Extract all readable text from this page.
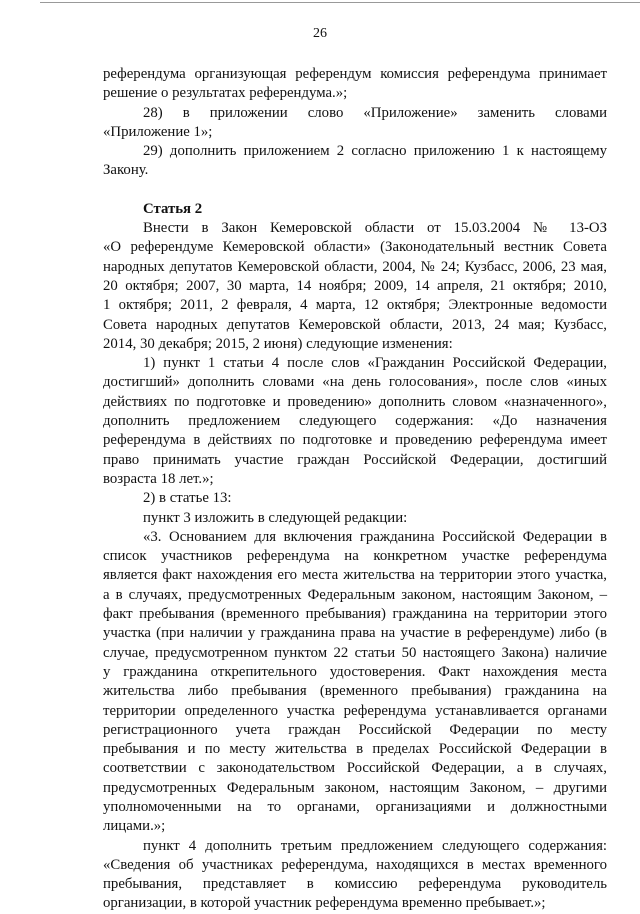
26
референдума организующая референдум комиссия референдума принимает
решение о результатах референдума.»;
28) в приложении слово «Приложение» заменить словами
«Приложение 1»;
29) дополнить приложением 2 согласно приложению 1 к настоящему
Закону.
Статья 2
Внести в Закон Кемеровской области от 15.03.2004 № 13-ОЗ
«О референдуме Кемеровской области» (Законодательный вестник Совета
народных депутатов Кемеровской области, 2004, № 24; Кузбасс, 2006, 23 мая,
20 октября; 2007, 30 марта, 14 ноября; 2009, 14 апреля, 21 октября; 2010,
1 октября; 2011, 2 февраля, 4 марта, 12 октября; Электронные ведомости
Совета народных депутатов Кемеровской области, 2013, 24 мая; Кузбасс,
2014, 30 декабря; 2015, 2 июня) следующие изменения:
1) пункт 1 статьи 4 после слов «Гражданин Российской Федерации,
достигший» дополнить словами «на день голосования», после слов «иных
действиях по подготовке и проведению» дополнить словом «назначенного»,
дополнить предложением следующего содержания: «До назначения
референдума в действиях по подготовке и проведению референдума имеет
право принимать участие граждан Российской Федерации, достигший
возраста 18 лет.»;
2) в статье 13:
пункт 3 изложить в следующей редакции:
«3. Основанием для включения гражданина Российской Федерации в
список участников референдума на конкретном участке референдума
является факт нахождения его места жительства на территории этого участка,
а в случаях, предусмотренных Федеральным законом, настоящим Законом, –
факт пребывания (временного пребывания) гражданина на территории этого
участка (при наличии у гражданина права на участие в референдуме) либо (в
случае, предусмотренном пунктом 22 статьи 50 настоящего Закона) наличие
у гражданина открепительного удостоверения. Факт нахождения места
жительства либо пребывания (временного пребывания) гражданина на
территории определенного участка референдума устанавливается органами
регистрационного учета граждан Российской Федерации по месту
пребывания и по месту жительства в пределах Российской Федерации в
соответствии с законодательством Российской Федерации, а в случаях,
предусмотренных Федеральным законом, настоящим Законом, – другими
уполномоченными на то органами, организациями и должностными
лицами.»;
пункт 4 дополнить третьим предложением следующего содержания:
«Сведения об участниках референдума, находящихся в местах временного
пребывания, представляет в комиссию референдума руководитель
организации, в которой участник референдума временно пребывает.»;
